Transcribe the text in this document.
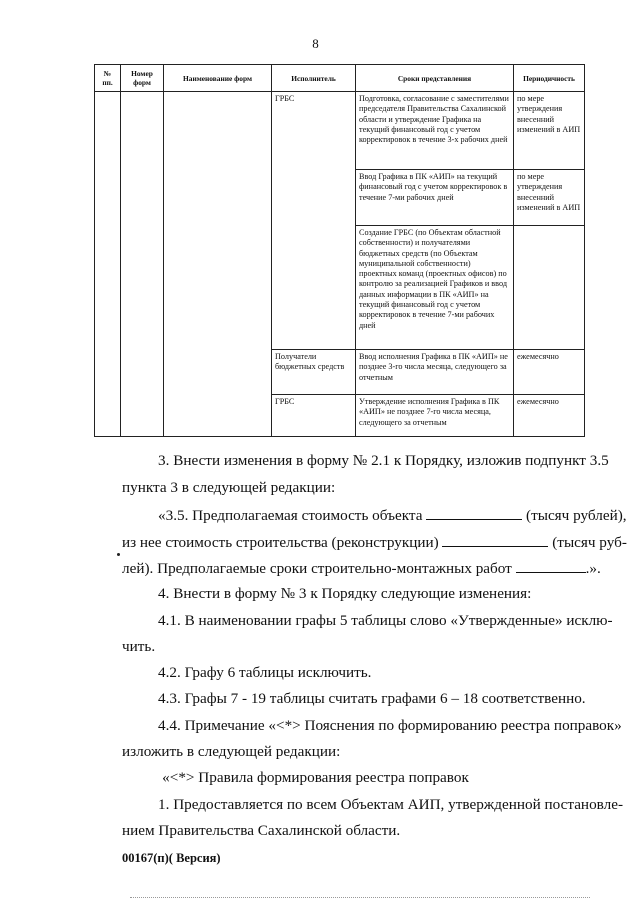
8
№ пп.	Номер форм	Наименование форм	Исполнитель	Сроки представления	Периодичность
			ГРБС	Подготовка, согласование с заместителями председателя Правительства Сахалинской области и утверждение Графика на текущий финансовый год с учетом корректировок в течение 3-х рабочих дней	по мере утверждения внесенний изменений в АИП
				Ввод Графика в ПК «АИП» на текущий финансовый год с учетом корректировок в течение 7-ми рабочих дней	по мере утверждения внесенний изменений в АИП
				Создание ГРБС (по Объектам областной собственности) и получателями бюджетных средств (по Объектам муниципальной собственности) проектных команд (проектных офисов) по контролю за реализацией Графиков и ввод данных информации в ПК «АИП» на текущий финансовый год с учетом корректировок в течение 7-ми рабочих дней	
			Получатели бюджетных средств	Ввод исполнения Графика в ПК «АИП» не позднее 3-го числа месяца, следующего за отчетным	ежемесячно
			ГРБС	Утверждение исполнения Графика в ПК «АИП» не позднее 7-го числа месяца, следующего за отчетным	ежемесячно
3. Внести изменения в форму № 2.1 к Порядку, изложив подпункт 3.5
пункта 3 в следующей редакции:
«3.5. Предполагаемая стоимость объекта	(тысяч рублей),
из нее стоимость строительства (реконструкции)	(тысяч руб-
лей). Предполагаемые сроки строительно-монтажных работ	.».
4. Внести в форму № 3 к Порядку следующие изменения:
4.1. В наименовании графы 5 таблицы слово «Утвержденные» исклю-
чить.
4.2. Графу 6 таблицы исключить.
4.3. Графы 7 - 19 таблицы считать графами 6 – 18 соответственно.
4.4. Примечание «<*> Пояснения по формированию реестра поправок»
изложить в следующей редакции:
«<*> Правила формирования реестра поправок
1. Предоставляется по всем Объектам АИП, утвержденной постановле-
нием Правительства Сахалинской области.
00167(п)( Версия)
